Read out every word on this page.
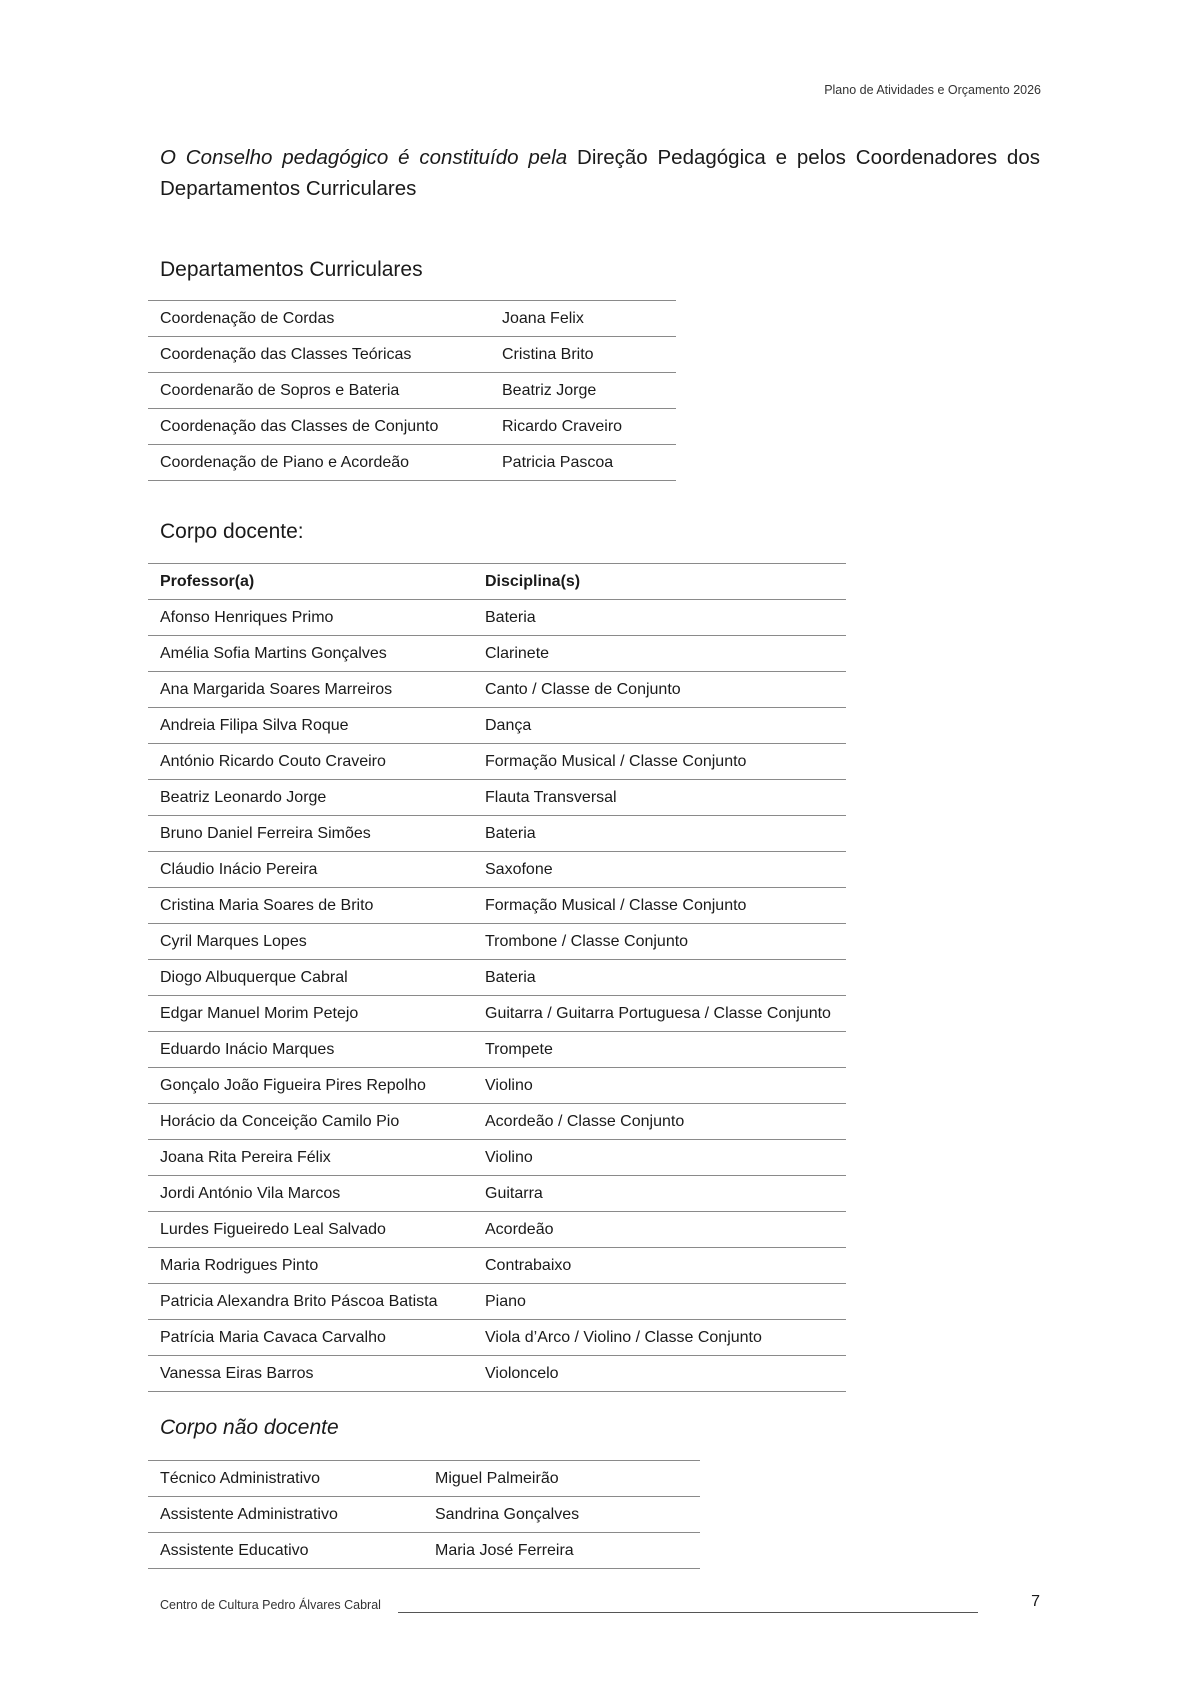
Plano de Atividades e Orçamento 2026

O Conselho pedagógico é constituído pela Direção Pedagógica e pelos Coordenadores dos Departamentos Curriculares

Departamentos Curriculares
Coordenação de Cordas	Joana Felix
Coordenação das Classes Teóricas	Cristina Brito
Coordenarão de Sopros e Bateria	Beatriz Jorge
Coordenação das Classes de Conjunto	Ricardo Craveiro
Coordenação de Piano e Acordeão	Patricia Pascoa
Corpo docente:
Professor(a)	Disciplina(s)
Afonso Henriques Primo	Bateria
Amélia Sofia Martins Gonçalves	Clarinete
Ana Margarida Soares Marreiros	Canto / Classe de Conjunto
Andreia Filipa Silva Roque	Dança
António Ricardo Couto Craveiro	Formação Musical / Classe Conjunto
Beatriz Leonardo Jorge	Flauta Transversal
Bruno Daniel Ferreira Simões	Bateria
Cláudio Inácio Pereira	Saxofone
Cristina Maria Soares de Brito	Formação Musical / Classe Conjunto
Cyril Marques Lopes	Trombone / Classe Conjunto
Diogo Albuquerque Cabral	Bateria
Edgar Manuel Morim Petejo	Guitarra / Guitarra Portuguesa / Classe Conjunto
Eduardo Inácio Marques	Trompete
Gonçalo João Figueira Pires Repolho	Violino
Horácio da Conceição Camilo Pio	Acordeão / Classe Conjunto
Joana Rita Pereira Félix	Violino
Jordi António Vila Marcos	Guitarra
Lurdes Figueiredo Leal Salvado	Acordeão
Maria Rodrigues Pinto	Contrabaixo
Patricia Alexandra Brito Páscoa Batista	Piano
Patrícia Maria Cavaca Carvalho	Viola d’Arco / Violino / Classe Conjunto
Vanessa Eiras Barros	Violoncelo
Corpo não docente
Técnico Administrativo	Miguel Palmeirão
Assistente Administrativo	Sandrina Gonçalves
Assistente Educativo	Maria José Ferreira
Centro de Cultura Pedro Álvares Cabral	7
